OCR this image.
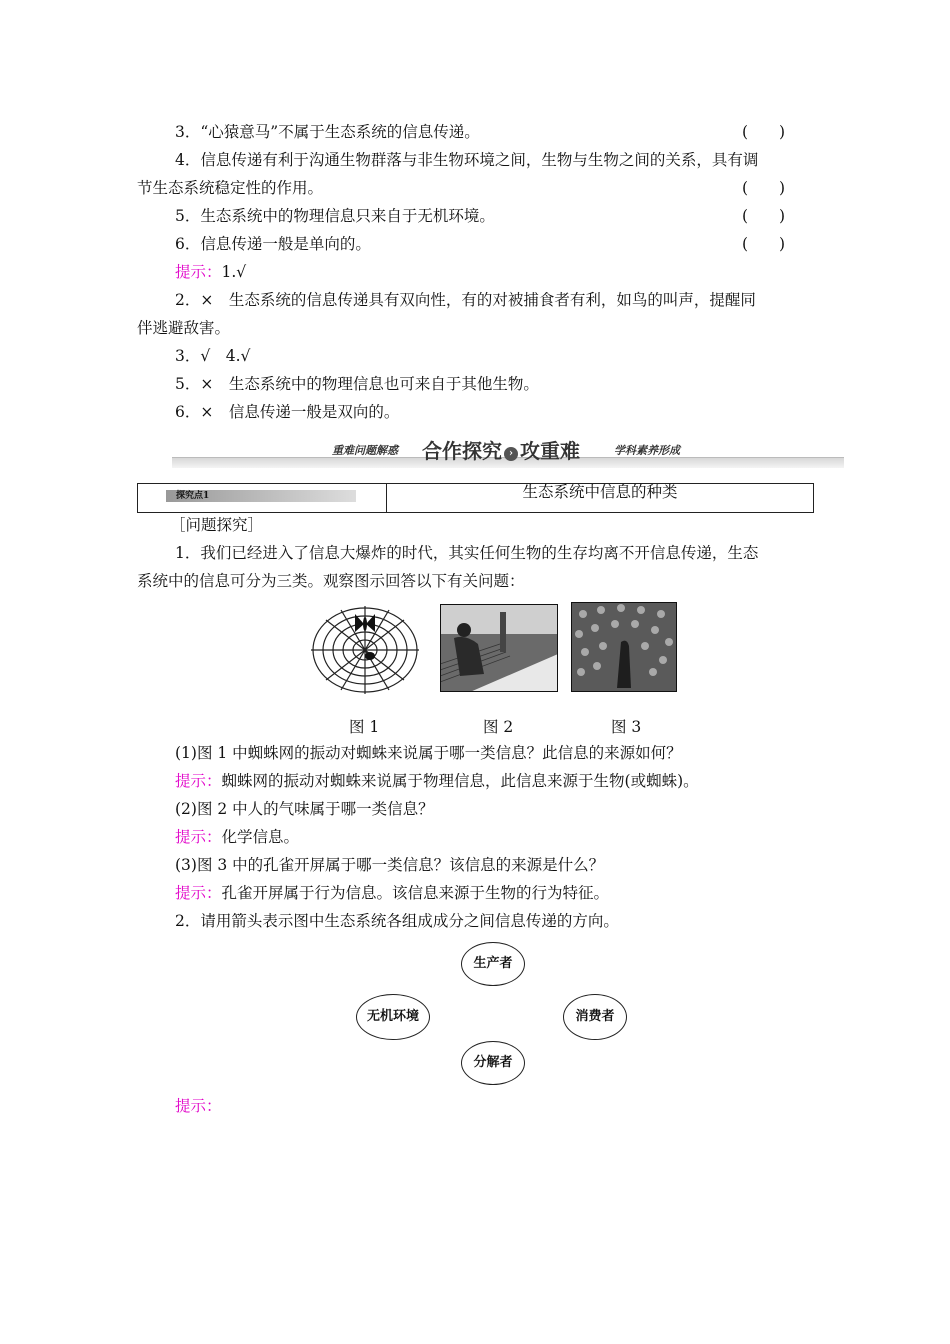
3．“心猿意马”不属于生态系统的信息传递。	(　　)
4．信息传递有利于沟通生物群落与非生物环境之间，生物与生物之间的关系，具有调
节生态系统稳定性的作用。	(　　)
5．生态系统中的物理信息只来自于无机环境。	(　　)
6．信息传递一般是单向的。	(　　)
提示：1.√
2．×　生态系统的信息传递具有双向性，有的对被捕食者有利，如鸟的叫声，提醒同
伴逃避敌害。
3．√　4.√
5．×　生态系统中的物理信息也可来自于其他生物。
6．×　信息传递一般是双向的。
重难问题解惑 合作探究 › 攻重难	学科素养形成
探究点1	生态系统中信息的种类
［问题探究］
1．我们已经进入了信息大爆炸的时代，其实任何生物的生存均离不开信息传递，生态
系统中的信息可分为三类。观察图示回答以下有关问题：
图 1	图 2	图 3
(1)图 1 中蜘蛛网的振动对蜘蛛来说属于哪一类信息？此信息的来源如何？
提示：蜘蛛网的振动对蜘蛛来说属于物理信息，此信息来源于生物(或蜘蛛)。
(2)图 2 中人的气味属于哪一类信息？
提示：化学信息。
(3)图 3 中的孔雀开屏属于哪一类信息？该信息的来源是什么？
提示：孔雀开屏属于行为信息。该信息来源于生物的行为特征。
2．请用箭头表示图中生态系统各组成成分之间信息传递的方向。
生产者
无机环境	消费者
分解者
提示：
